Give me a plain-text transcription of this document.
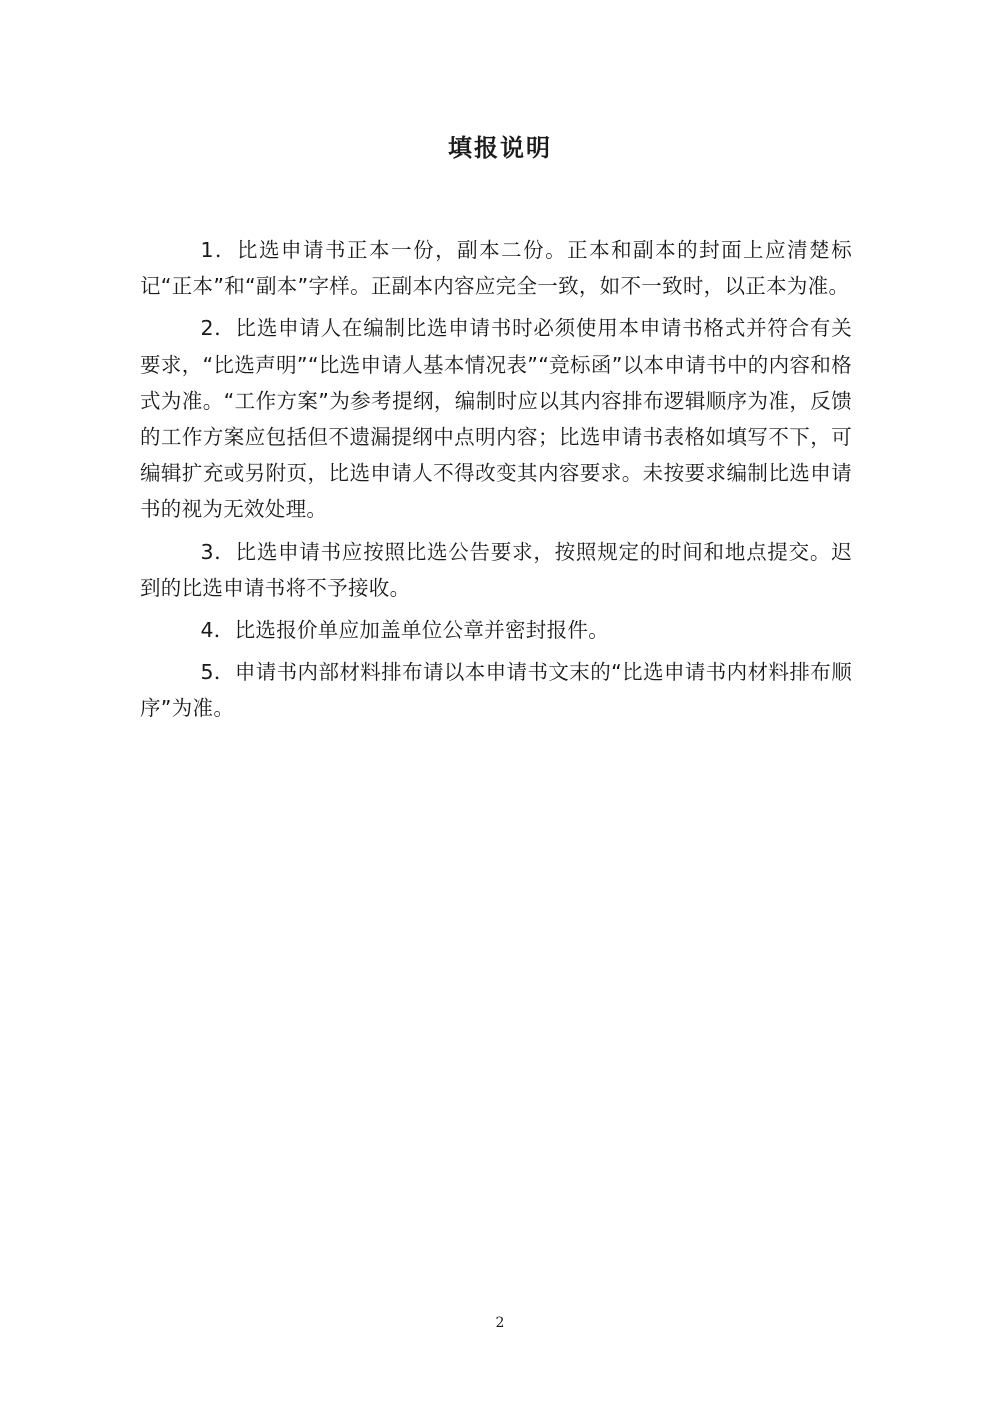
填报说明

1．比选申请书正本一份，副本二份。正本和副本的封面上应清楚标记“正本”和“副本”字样。正副本内容应完全一致，如不一致时，以正本为准。

2．比选申请人在编制比选申请书时必须使用本申请书格式并符合有关要求，“比选声明”“比选申请人基本情况表”“竞标函”以本申请书中的内容和格式为准。“工作方案”为参考提纲，编制时应以其内容排布逻辑顺序为准，反馈的工作方案应包括但不遗漏提纲中点明内容；比选申请书表格如填写不下，可编辑扩充或另附页，比选申请人不得改变其内容要求。未按要求编制比选申请书的视为无效处理。

3．比选申请书应按照比选公告要求，按照规定的时间和地点提交。迟到的比选申请书将不予接收。

4．比选报价单应加盖单位公章并密封报件。

5．申请书内部材料排布请以本申请书文末的“比选申请书内材料排布顺序”为准。

2
